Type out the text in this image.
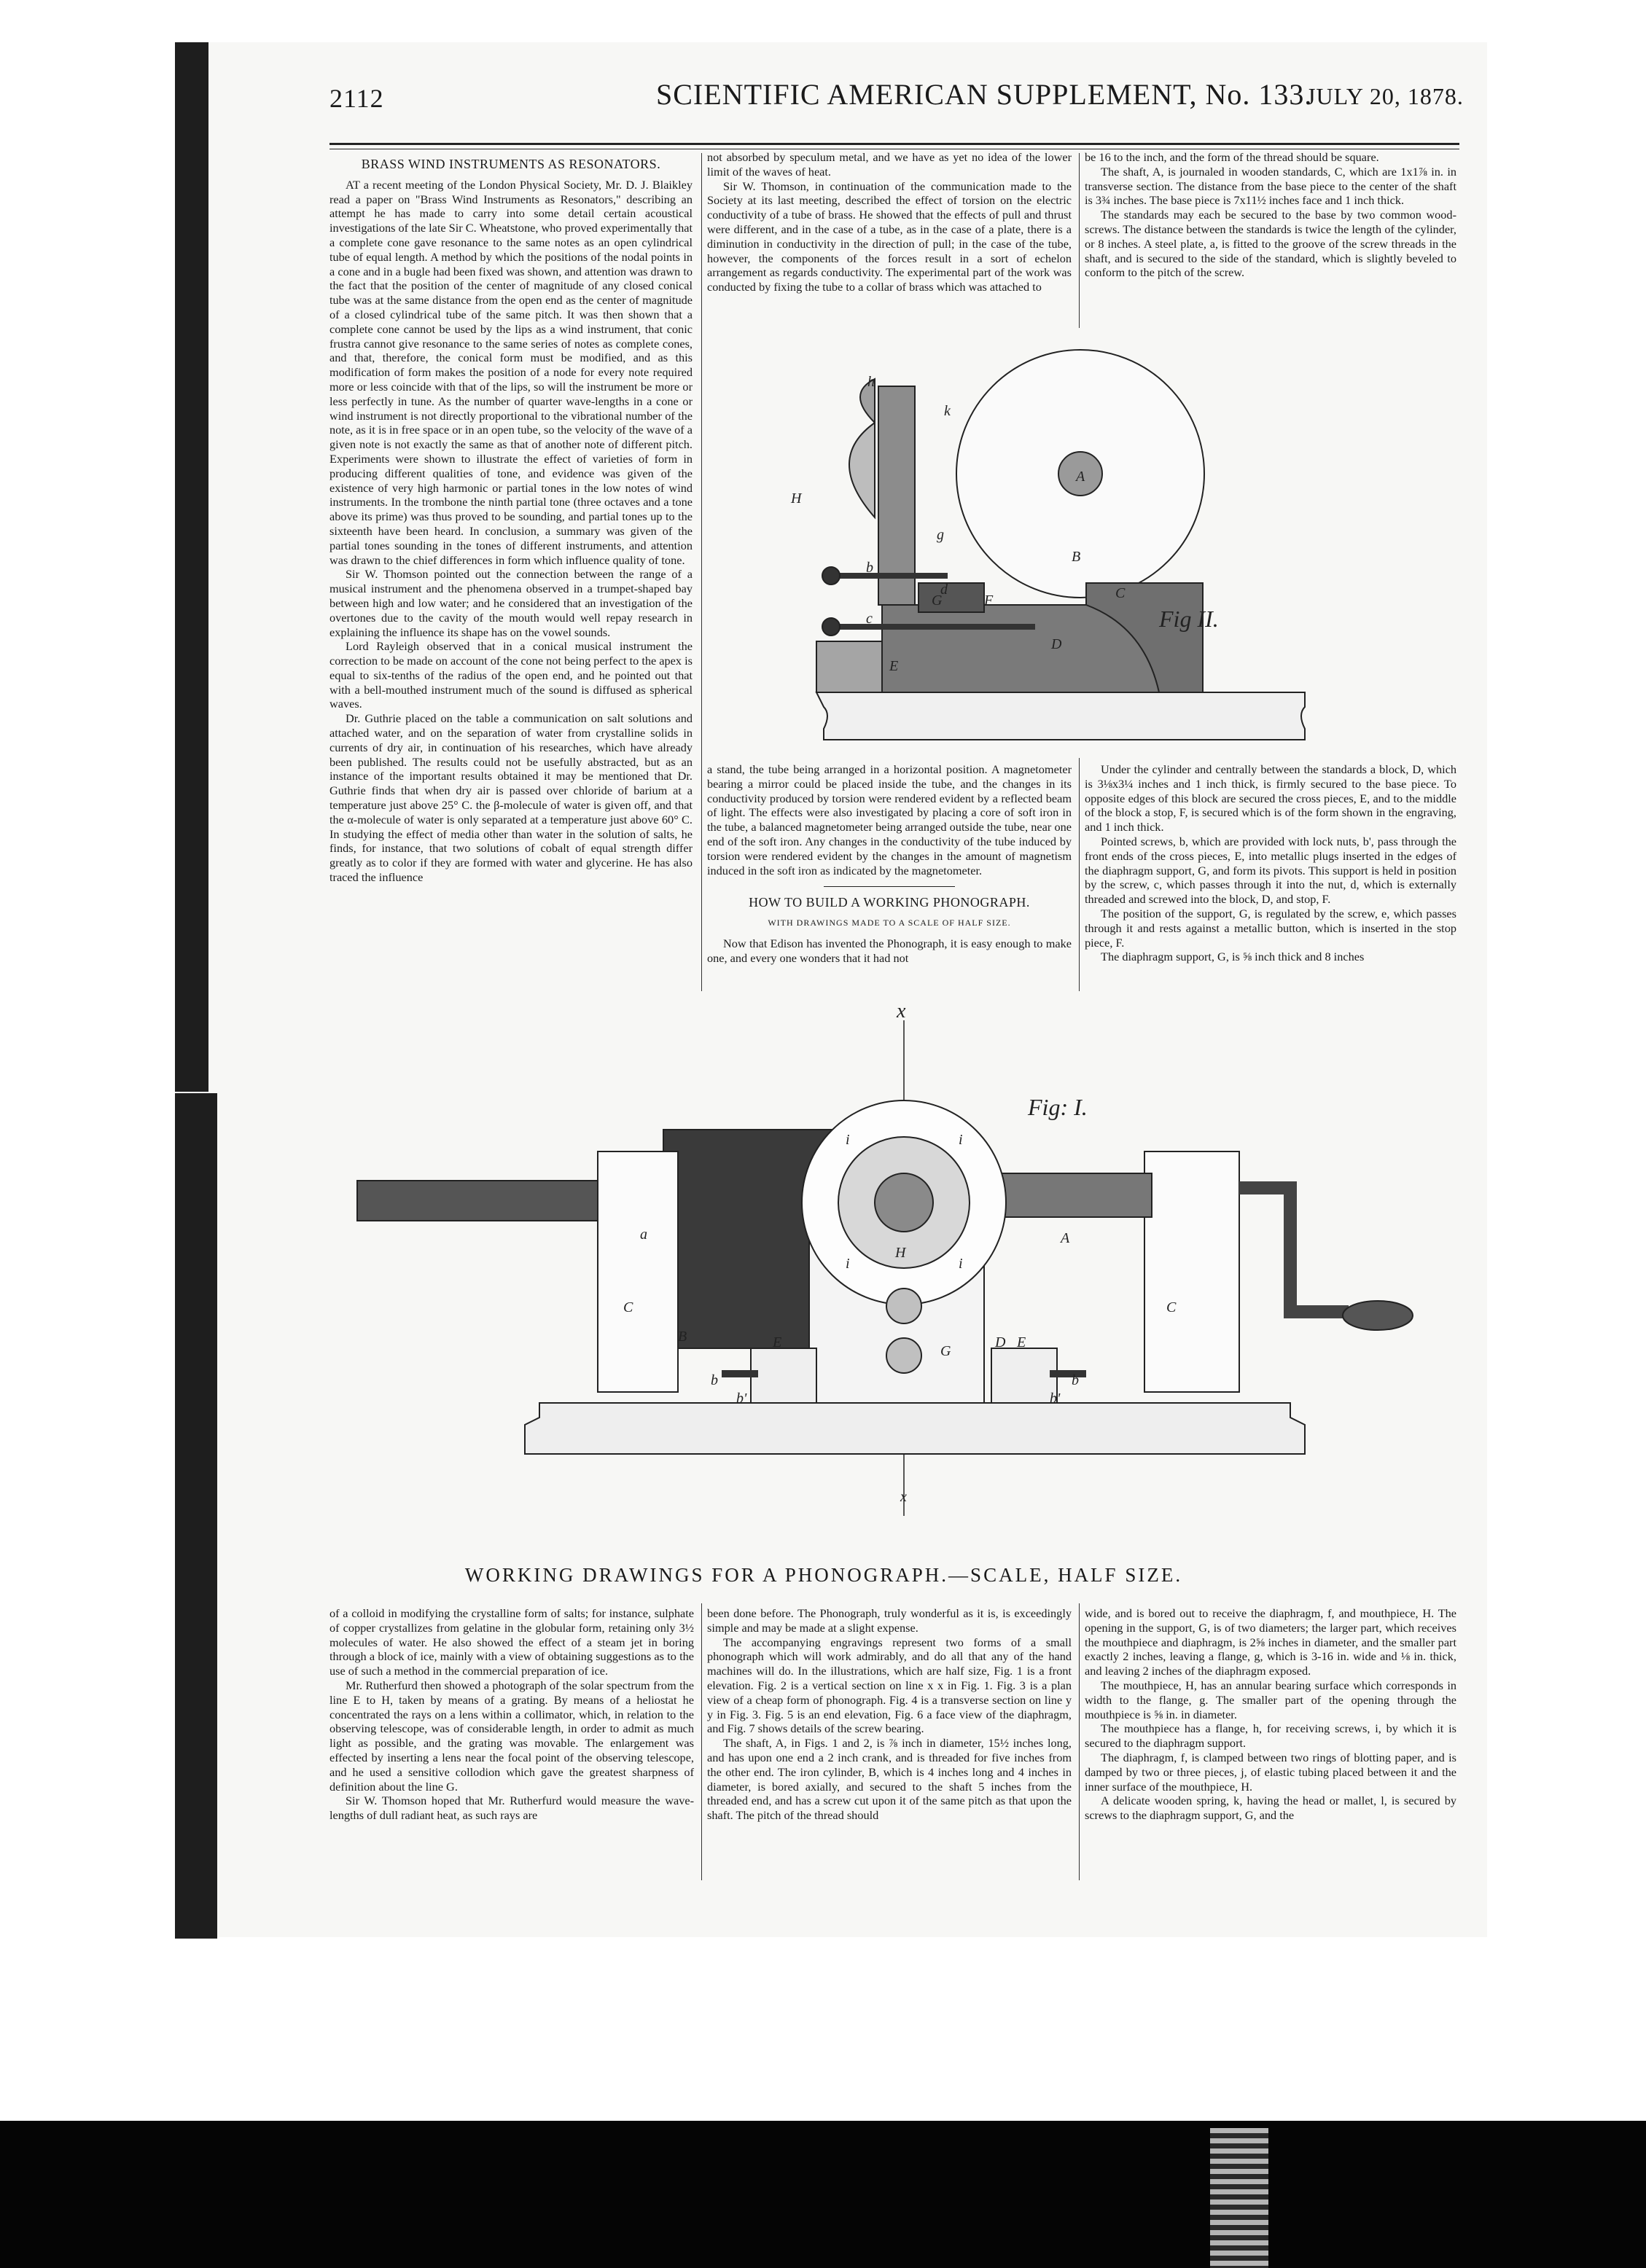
2112	SCIENTIFIC AMERICAN SUPPLEMENT, No. 133.
JULY 20, 1878.
BRASS WIND INSTRUMENTS AS RESONATORS.

AT a recent meeting of the London Physical Society, Mr. D. J. Blaikley read a paper on "Brass Wind Instruments as Resonators," describing an attempt he has made to carry into some detail certain acoustical investigations of the late Sir C. Wheatstone, who proved experimentally that a complete cone gave resonance to the same notes as an open cylindrical tube of equal length. A method by which the positions of the nodal points in a cone and in a bugle had been fixed was shown, and attention was drawn to the fact that the position of the center of magnitude of any closed conical tube was at the same distance from the open end as the center of magnitude of a closed cylindrical tube of the same pitch. It was then shown that a complete cone cannot be used by the lips as a wind instrument, that conic frustra cannot give resonance to the same series of notes as complete cones, and that, therefore, the conical form must be modified, and as this modification of form makes the position of a node for every note required more or less coincide with that of the lips, so will the instrument be more or less perfectly in tune. As the number of quarter wave-lengths in a cone or wind instrument is not directly proportional to the vibrational number of the note, as it is in free space or in an open tube, so the velocity of the wave of a given note is not exactly the same as that of another note of different pitch. Experiments were shown to illustrate the effect of varieties of form in producing different qualities of tone, and evidence was given of the existence of very high harmonic or partial tones in the low notes of wind instruments. In the trombone the ninth partial tone (three octaves and a tone above its prime) was thus proved to be sounding, and partial tones up to the sixteenth have been heard. In conclusion, a summary was given of the partial tones sounding in the tones of different instruments, and attention was drawn to the chief differences in form which influence quality of tone.

Sir W. Thomson pointed out the connection between the range of a musical instrument and the phenomena observed in a trumpet-shaped bay between high and low water; and he considered that an investigation of the overtones due to the cavity of the mouth would well repay research in explaining the influence its shape has on the vowel sounds.

Lord Rayleigh observed that in a conical musical instrument the correction to be made on account of the cone not being perfect to the apex is equal to six-tenths of the radius of the open end, and he pointed out that with a bell-mouthed instrument much of the sound is diffused as spherical waves.

Dr. Guthrie placed on the table a communication on salt solutions and attached water, and on the separation of water from crystalline solids in currents of dry air, in continuation of his researches, which have already been published. The results could not be usefully abstracted, but as an instance of the important results obtained it may be mentioned that Dr. Guthrie finds that when dry air is passed over chloride of barium at a temperature just above 25° C. the β-molecule of water is given off, and that the α-molecule of water is only separated at a temperature just above 60° C. In studying the effect of media other than water in the solution of salts, he finds, for instance, that two solutions of cobalt of equal strength differ greatly as to color if they are formed with water and glycerine. He has also traced the influence

not absorbed by speculum metal, and we have as yet no idea of the lower limit of the waves of heat.

Sir W. Thomson, in continuation of the communication made to the Society at its last meeting, described the effect of torsion on the electric conductivity of a tube of brass. He showed that the effects of pull and thrust were different, and in the case of a tube, as in the case of a plate, there is a diminution in conductivity in the direction of pull; in the case of the tube, however, the components of the forces result in a sort of echelon arrangement as regards conductivity. The experimental part of the work was conducted by fixing the tube to a collar of brass which was attached to

be 16 to the inch, and the form of the thread should be square.

The shaft, A, is journaled in wooden standards, C, which are 1x1⅞ in. in transverse section. The distance from the base piece to the center of the shaft is 3¾ inches. The base piece is 7x11½ inches face and 1 inch thick.

The standards may each be secured to the base by two common wood-screws. The distance between the standards is twice the length of the cylinder, or 8 inches. A steel plate, a, is fitted to the groove of the screw threads in the shaft, and is secured to the side of the standard, which is slightly beveled to conform to the pitch of the screw.

h
k
H
A
B
C
D
E
F
G
g
b
c
d
Fig II.

a stand, the tube being arranged in a horizontal position. A magnetometer bearing a mirror could be placed inside the tube, and the changes in its conductivity produced by torsion were rendered evident by a reflected beam of light. The effects were also investigated by placing a core of soft iron in the tube, a balanced magnetometer being arranged outside the tube, near one end of the soft iron. Any changes in the conductivity of the tube induced by torsion were rendered evident by the changes in the amount of magnetism induced in the soft iron as indicated by the magnetometer.

HOW TO BUILD A WORKING PHONOGRAPH.
WITH DRAWINGS MADE TO A SCALE OF HALF SIZE.

Now that Edison has invented the Phonograph, it is easy enough to make one, and every one wonders that it had not

Under the cylinder and centrally between the standards a block, D, which is 3⅛x3¼ inches and 1 inch thick, is firmly secured to the base piece. To opposite edges of this block are secured the cross pieces, E, and to the middle of the block a stop, F, is secured which is of the form shown in the engraving, and 1 inch thick.

Pointed screws, b, which are provided with lock nuts, b', pass through the front ends of the cross pieces, E, into metallic plugs inserted in the edges of the diaphragm support, G, and form its pivots. This support is held in position by the screw, c, which passes through it into the nut, d, which is externally threaded and screwed into the block, D, and stop, F.

The position of the support, G, is regulated by the screw, e, which passes through it and rests against a metallic button, which is inserted in the stop piece, F.

The diaphragm support, G, is ⅝ inch thick and 8 inches

x
x
a	A
B
C	C
D
E	E
G
H
b	b
b'	b'
i	i
i	i
Fig: I.
WORKING DRAWINGS FOR A PHONOGRAPH.—SCALE, HALF SIZE.

of a colloid in modifying the crystalline form of salts; for instance, sulphate of copper crystallizes from gelatine in the globular form, retaining only 3½ molecules of water. He also showed the effect of a steam jet in boring through a block of ice, mainly with a view of obtaining suggestions as to the use of such a method in the commercial preparation of ice.

Mr. Rutherfurd then showed a photograph of the solar spectrum from the line E to H, taken by means of a grating. By means of a heliostat he concentrated the rays on a lens within a collimator, which, in relation to the observing telescope, was of considerable length, in order to admit as much light as possible, and the grating was movable. The enlargement was effected by inserting a lens near the focal point of the observing telescope, and he used a sensitive collodion which gave the greatest sharpness of definition about the line G.

Sir W. Thomson hoped that Mr. Rutherfurd would measure the wave-lengths of dull radiant heat, as such rays are

been done before. The Phonograph, truly wonderful as it is, is exceedingly simple and may be made at a slight expense.

The accompanying engravings represent two forms of a small phonograph which will work admirably, and do all that any of the hand machines will do. In the illustrations, which are half size, Fig. 1 is a front elevation. Fig. 2 is a vertical section on line x x in Fig. 1. Fig. 3 is a plan view of a cheap form of phonograph. Fig. 4 is a transverse section on line y y in Fig. 3. Fig. 5 is an end elevation, Fig. 6 a face view of the diaphragm, and Fig. 7 shows details of the screw bearing.

The shaft, A, in Figs. 1 and 2, is ⅞ inch in diameter, 15½ inches long, and has upon one end a 2 inch crank, and is threaded for five inches from the other end. The iron cylinder, B, which is 4 inches long and 4 inches in diameter, is bored axially, and secured to the shaft 5 inches from the threaded end, and has a screw cut upon it of the same pitch as that upon the shaft. The pitch of the thread should

wide, and is bored out to receive the diaphragm, f, and mouthpiece, H. The opening in the support, G, is of two diameters; the larger part, which receives the mouthpiece and diaphragm, is 2⅝ inches in diameter, and the smaller part exactly 2 inches, leaving a flange, g, which is 3-16 in. wide and ⅛ in. thick, and leaving 2 inches of the diaphragm exposed.

The mouthpiece, H, has an annular bearing surface which corresponds in width to the flange, g. The smaller part of the opening through the mouthpiece is ⅝ in. in diameter.

The mouthpiece has a flange, h, for receiving screws, i, by which it is secured to the diaphragm support.

The diaphragm, f, is clamped between two rings of blotting paper, and is damped by two or three pieces, j, of elastic tubing placed between it and the inner surface of the mouthpiece, H.

A delicate wooden spring, k, having the head or mallet, l, is secured by screws to the diaphragm support, G, and the
